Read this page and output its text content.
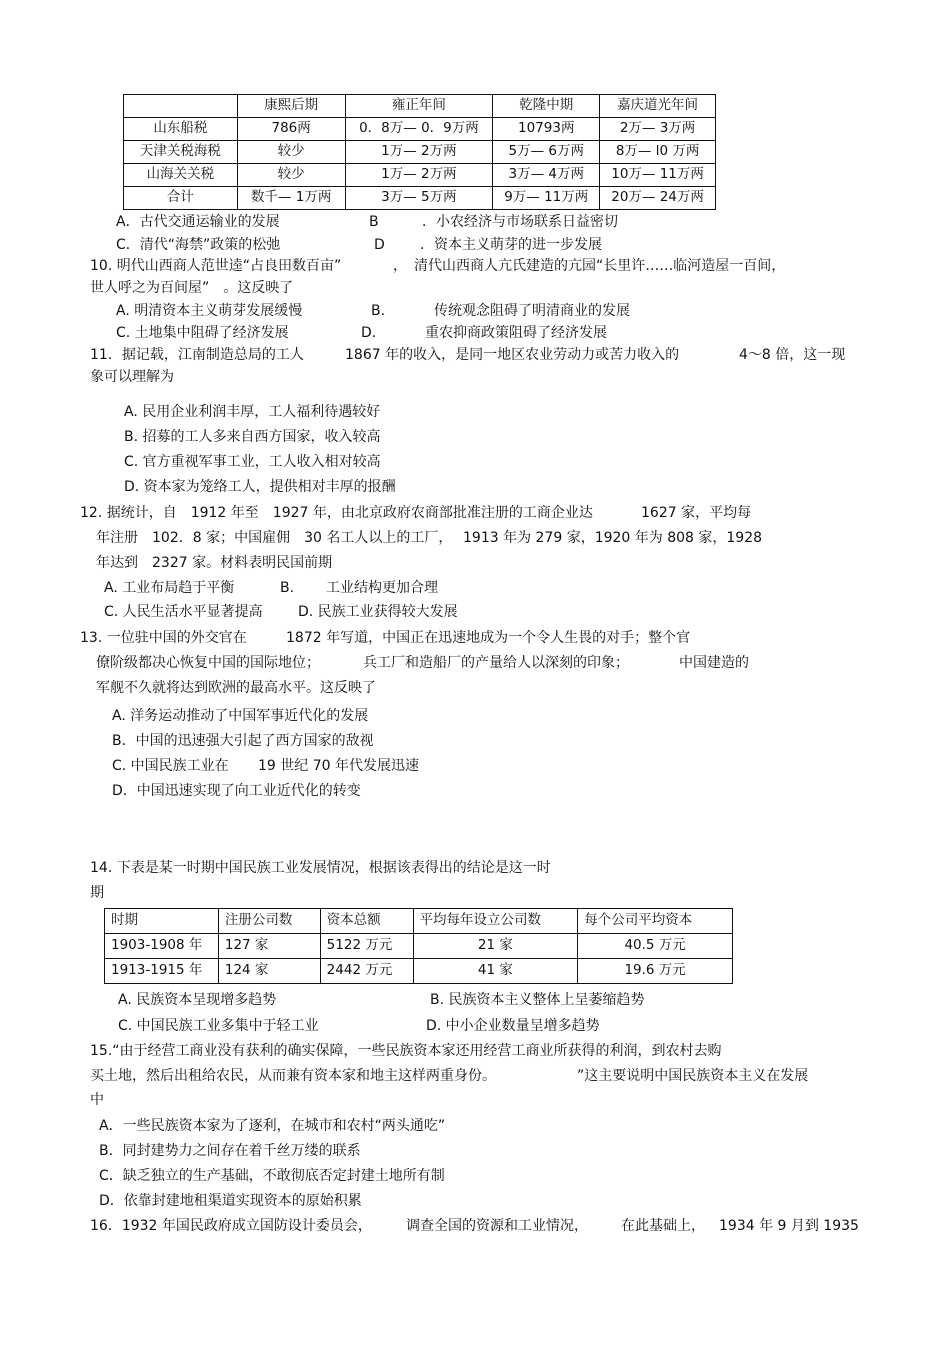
	康熙后期	雍正年间	乾隆中期	嘉庆道光年间
山东船税	786两	0．8万— 0．9万两	10793两	2万— 3万两
天津关税海税	较少	1万— 2万两	5万— 6万两	8万— l0 万两
山海关关税	较少	1万— 2万两	3万— 4万两	10万— 11万两
合计	数千— 1万两	3万— 5万两	9万— 11万两	20万— 24万两
A．古代交通运输业的发展	B	．小农经济与市场联系日益密切
C．清代“海禁”政策的松弛	D	．资本主义萌芽的进一步发展
10. 明代山西商人范世逵“占良田数百亩”	， 清代山西商人亢氏建造的亢园“长里许……临河造屋一百间，
世人呼之为百间屋”　。这反映了
A. 明清资本主义萌芽发展缓慢	B.	传统观念阻碍了明清商业的发展
C. 土地集中阻碍了经济发展	D.	重农抑商政策阻碍了经济发展
11．据记载，江南制造总局的工人	1867 年的收入，是同一地区农业劳动力或苦力收入的	4～8 倍，这一现
象可以理解为
A. 民用企业利润丰厚，工人福利待遇较好
B. 招募的工人多来自西方国家，收入较高
C. 官方重视军事工业，工人收入相对较高
D. 资本家为笼络工人，提供相对丰厚的报酬
12. 据统计，自　1912 年至　1927 年，由北京政府农商部批准注册的工商企业达	1627 家，平均每
年注册　102．8 家；中国雇佣　30 名工人以上的工厂， 1913 年为 279 家，1920 年为 808 家，1928
年达到　2327 家。材料表明民国前期
A. 工业布局趋于平衡	B. 工业结构更加合理
C. 人民生活水平显著提高	D. 民族工业获得较大发展
13. 一位驻中国的外交官在	1872 年写道，中国正在迅速地成为一个令人生畏的对手；整个官
僚阶级都决心恢复中国的国际地位；	兵工厂和造船厂的产量给人以深刻的印象；	中国建造的
军舰不久就将达到欧洲的最高水平。这反映了
A. 洋务运动推动了中国军事近代化的发展
B．中国的迅速强大引起了西方国家的敌视
C. 中国民族工业在 19 世纪 70 年代发展迅速
D．中国迅速实现了向工业近代化的转变
14. 下表是某一时期中国民族工业发展情况，根据该表得出的结论是这一时
期
时期	注册公司数	资本总额	平均每年设立公司数	每个公司平均资本
1903-1908 年	127 家	5122 万元	21 家	40.5 万元
1913-1915 年	124 家	2442 万元	41 家	19.6 万元
A. 民族资本呈现增多趋势	B. 民族资本主义整体上呈萎缩趋势
C. 中国民族工业多集中于轻工业	D. 中小企业数量呈增多趋势
15.“由于经营工商业没有获利的确实保障，一些民族资本家还用经营工商业所获得的利润，到农村去购
买土地，然后出租给农民，从而兼有资本家和地主这样两重身份。	”这主要说明中国民族资本主义在发展
中
A．一些民族资本家为了逐利，在城市和农村“两头通吃”
B．同封建势力之间存在着千丝万缕的联系
C．缺乏独立的生产基础，不敢彻底否定封建土地所有制
D．依靠封建地租渠道实现资本的原始积累
16．1932 年国民政府成立国防设计委员会， 调查全国的资源和工业情况， 在此基础上， 1934 年 9 月到 1935
